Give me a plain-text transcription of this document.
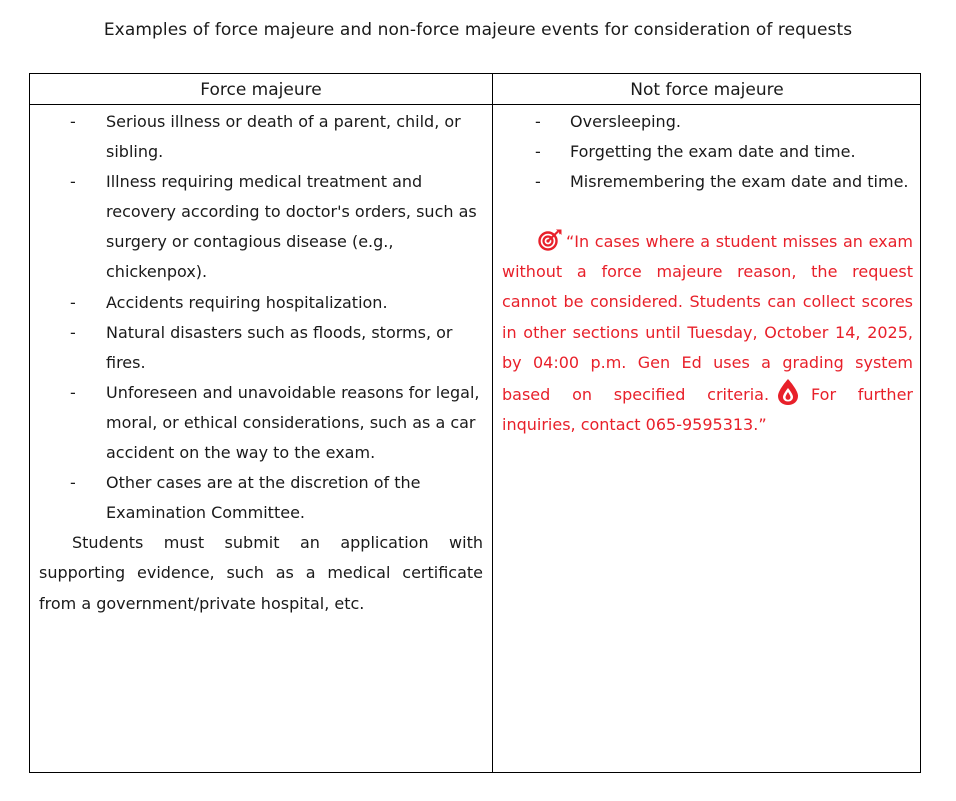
Examples of force majeure and non-force majeure events for consideration of requests
Force majeure	Not force majeure
- Serious illness or death of a parent, child, or sibling.
- Illness requiring medical treatment and recovery according to doctor's orders, such as surgery or contagious disease (e.g., chickenpox).
- Accidents requiring hospitalization.
- Natural disasters such as floods, storms, or fires.
- Unforeseen and unavoidable reasons for legal, moral, or ethical considerations, such as a car accident on the way to the exam.
- Other cases are at the discretion of the Examination Committee.
Students must submit an application with supporting evidence, such as a medical certificate from a government/private hospital, etc.
- Oversleeping.
- Forgetting the exam date and time.
- Misremembering the exam date and time.
“In cases where a student misses an exam without a force majeure reason, the request cannot be considered. Students can collect scores in other sections until Tuesday, October 14, 2025, by 04:00 p.m. Gen Ed uses a grading system based on specified criteria.	For further inquiries, contact 065-9595313.”
